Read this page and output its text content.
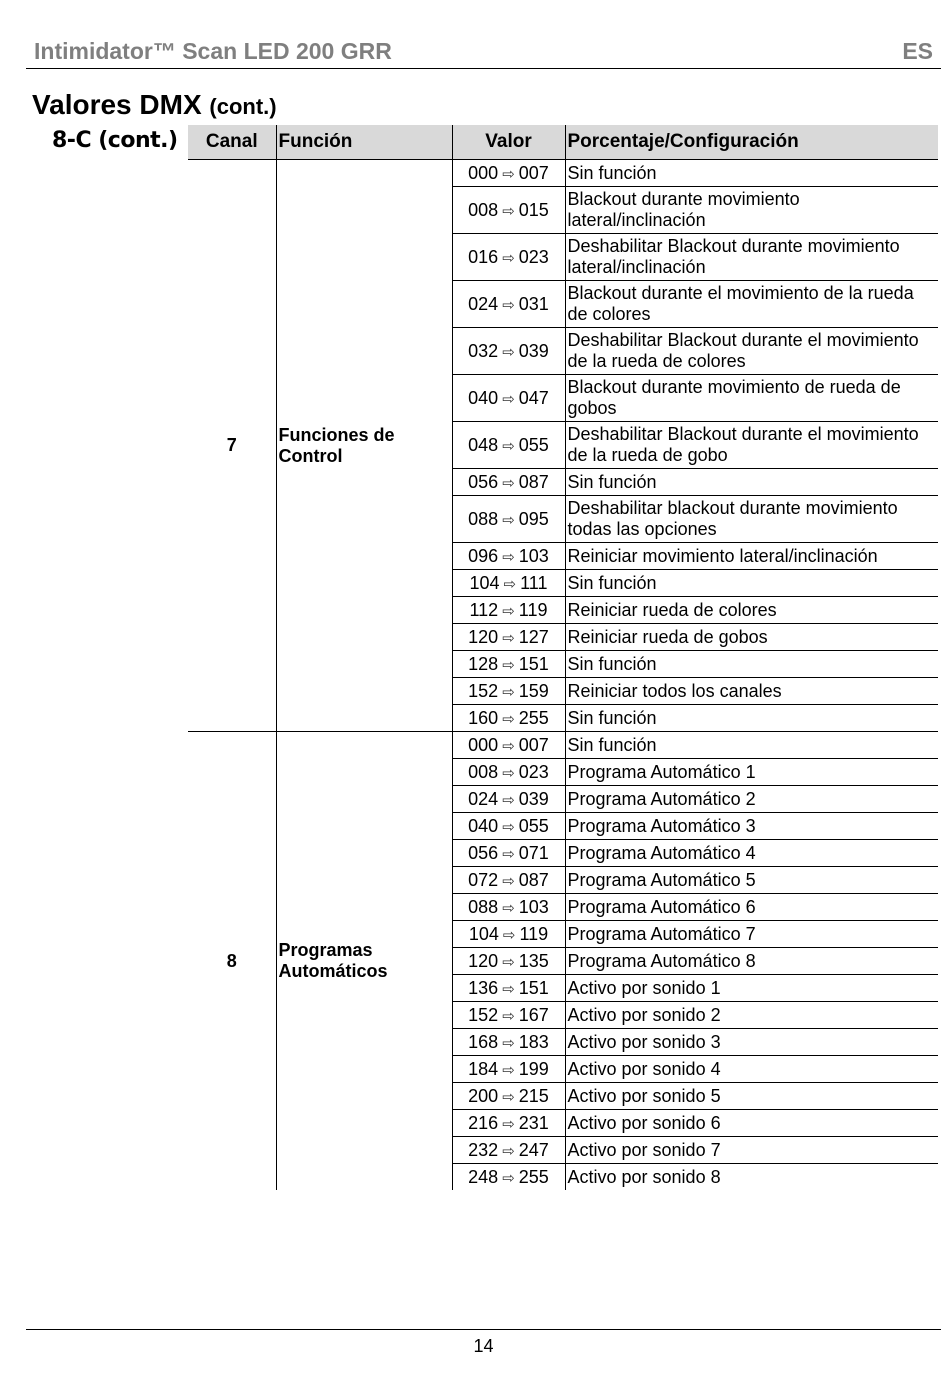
Intimidator™ Scan LED 200 GRR	ES
Valores DMX (cont.)
8-C (cont.) Canal	Función	Valor	Porcentaje/Configuración
7	Funciones de Control	000 ⇨ 007	Sin función
		008 ⇨ 015	Blackout durante movimiento lateral/inclinación
		016 ⇨ 023	Deshabilitar Blackout durante movimiento lateral/inclinación
		024 ⇨ 031	Blackout durante el movimiento de la rueda de colores
		032 ⇨ 039	Deshabilitar Blackout durante el movimiento de la rueda de colores
		040 ⇨ 047	Blackout durante movimiento de rueda de gobos
		048 ⇨ 055	Deshabilitar Blackout durante el movimiento de la rueda de gobo
		056 ⇨ 087	Sin función
		088 ⇨ 095	Deshabilitar blackout durante movimiento todas las opciones
		096 ⇨ 103	Reiniciar movimiento lateral/inclinación
		104 ⇨ 111	Sin función
		112 ⇨ 119	Reiniciar rueda de colores
		120 ⇨ 127	Reiniciar rueda de gobos
		128 ⇨ 151	Sin función
		152 ⇨ 159	Reiniciar todos los canales
		160 ⇨ 255	Sin función
8	Programas Automáticos	000 ⇨ 007	Sin función
		008 ⇨ 023	Programa Automático 1
		024 ⇨ 039	Programa Automático 2
		040 ⇨ 055	Programa Automático 3
		056 ⇨ 071	Programa Automático 4
		072 ⇨ 087	Programa Automático 5
		088 ⇨ 103	Programa Automático 6
		104 ⇨ 119	Programa Automático 7
		120 ⇨ 135	Programa Automático 8
		136 ⇨ 151	Activo por sonido 1
		152 ⇨ 167	Activo por sonido 2
		168 ⇨ 183	Activo por sonido 3
		184 ⇨ 199	Activo por sonido 4
		200 ⇨ 215	Activo por sonido 5
		216 ⇨ 231	Activo por sonido 6
		232 ⇨ 247	Activo por sonido 7
		248 ⇨ 255	Activo por sonido 8
14
